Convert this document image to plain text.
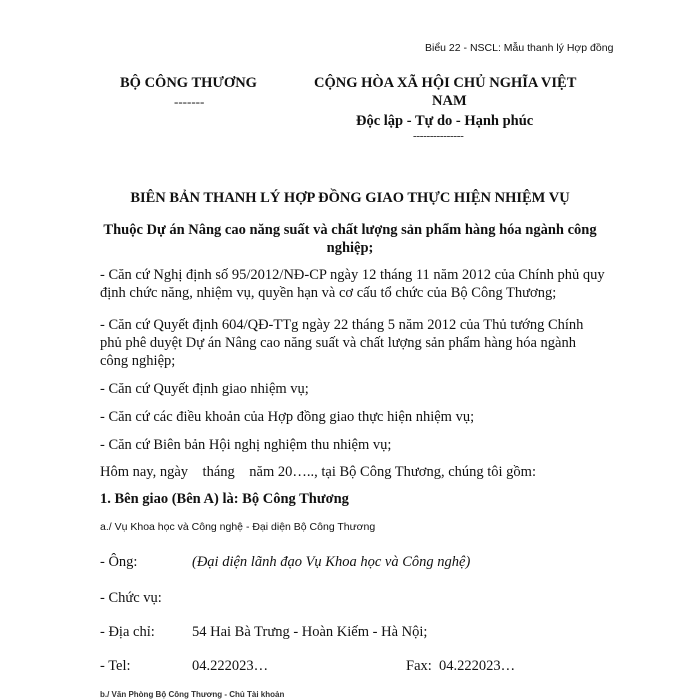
Biểu 22 - NSCL: Mẫu thanh lý Hợp đồng
BỘ CÔNG THƯƠNG
-------
CỘNG HÒA XÃ HỘI CHỦ NGHĨA VIỆT
NAM
Độc lập - Tự do - Hạnh phúc
---------------
BIÊN BẢN THANH LÝ HỢP ĐỒNG GIAO THỰC HIỆN NHIỆM VỤ
Thuộc Dự án Nâng cao năng suất và chất lượng sản phẩm hàng hóa ngành công
nghiệp;
- Căn cứ Nghị định số 95/2012/NĐ-CP ngày 12 tháng 11 năm 2012 của Chính phủ quy
định chức năng, nhiệm vụ, quyền hạn và cơ cấu tổ chức của Bộ Công Thương;
- Căn cứ Quyết định 604/QĐ-TTg ngày 22 tháng 5 năm 2012 của Thủ tướng Chính
phủ phê duyệt Dự án Nâng cao năng suất và chất lượng sản phẩm hàng hóa ngành
công nghiệp;
- Căn cứ Quyết định giao nhiệm vụ;
- Căn cứ các điều khoản của Hợp đồng giao thực hiện nhiệm vụ;
- Căn cứ Biên bản Hội nghị nghiệm thu nhiệm vụ;
Hôm nay, ngày    tháng    năm 20….., tại Bộ Công Thương, chúng tôi gồm:
1. Bên giao (Bên A) là: Bộ Công Thương
a./ Vụ Khoa học và Công nghệ - Đại diện Bộ Công Thương
- Ông:	(Đại diện lãnh đạo Vụ Khoa học và Công nghệ)
- Chức vụ:
- Địa chỉ:	54 Hai Bà Trưng - Hoàn Kiếm - Hà Nội;
- Tel:	04.222023…	Fax: 04.222023…
b./ Văn Phòng Bộ Công Thương - Chủ Tài khoản
